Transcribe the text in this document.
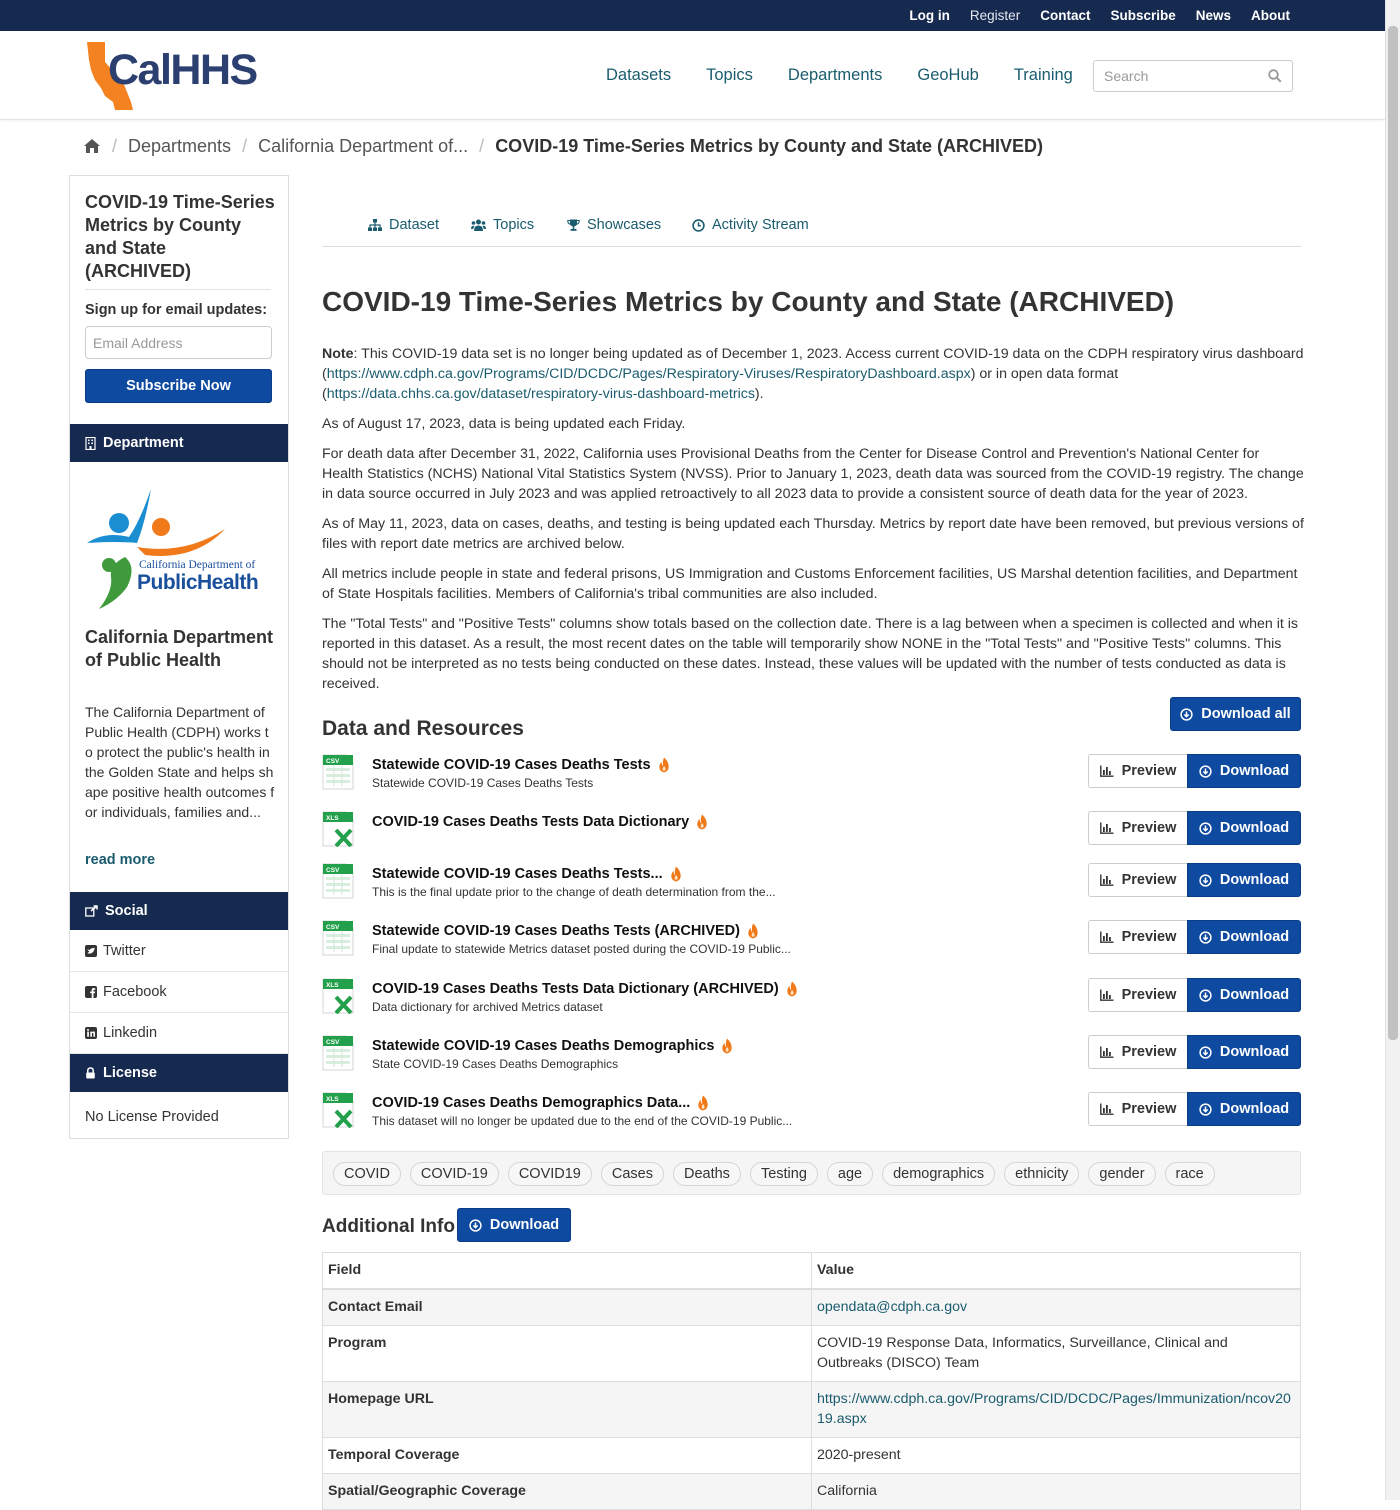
Log in Register Contact Subscribe News About
CalHHS	Datasets Topics Departments GeoHub Training
Search
/ Departments / California Department of... / COVID-19 Time-Series Metrics by County and State (ARCHIVED)
COVID-19 Time-Series Metrics by County and State (ARCHIVED)
Sign up for email updates:
Email Address
Subscribe Now
Department
California Department of
PublicHealth
California Department of Public Health
The California Department of Public Health (CDPH) works to protect the public's health in the Golden State and helps shape positive health outcomes for individuals, families and...
read more
Social
Twitter
Facebook
Linkedin
License
No License Provided
Dataset	Topics	Showcases	Activity Stream
COVID-19 Time-Series Metrics by County and State (ARCHIVED)

Note: This COVID-19 data set is no longer being updated as of December 1, 2023. Access current COVID-19 data on the CDPH respiratory virus dashboard (https://www.cdph.ca.gov/Programs/CID/DCDC/Pages/Respiratory-Viruses/RespiratoryDashboard.aspx) or in open data format (https://data.chhs.ca.gov/dataset/respiratory-virus-dashboard-metrics).

As of August 17, 2023, data is being updated each Friday.

For death data after December 31, 2022, California uses Provisional Deaths from the Center for Disease Control and Prevention's National Center for Health Statistics (NCHS) National Vital Statistics System (NVSS). Prior to January 1, 2023, death data was sourced from the COVID-19 registry. The change in data source occurred in July 2023 and was applied retroactively to all 2023 data to provide a consistent source of death data for the year of 2023.

As of May 11, 2023, data on cases, deaths, and testing is being updated each Thursday. Metrics by report date have been removed, but previous versions of files with report date metrics are archived below.

All metrics include people in state and federal prisons, US Immigration and Customs Enforcement facilities, US Marshal detention facilities, and Department of State Hospitals facilities. Members of California's tribal communities are also included.

The "Total Tests" and "Positive Tests" columns show totals based on the collection date. There is a lag between when a specimen is collected and when it is reported in this dataset. As a result, the most recent dates on the table will temporarily show NONE in the "Total Tests" and "Positive Tests" columns. This should not be interpreted as no tests being conducted on these dates. Instead, these values will be updated with the number of tests conducted as data is received.

Data and Resources
Download all
CSV Statewide COVID-19 Cases Deaths Tests
Statewide COVID-19 Cases Deaths Tests
Preview	Download
XLS COVID-19 Cases Deaths Tests Data Dictionary	Preview	Download
CSV Statewide COVID-19 Cases Deaths Tests...
This is the final update prior to the change of death determination from the...
Preview	Download
CSV Statewide COVID-19 Cases Deaths Tests (ARCHIVED)
Final update to statewide Metrics dataset posted during the COVID-19 Public...
Preview	Download
XLS COVID-19 Cases Deaths Tests Data Dictionary (ARCHIVED)
Data dictionary for archived Metrics dataset
Preview	Download
CSV Statewide COVID-19 Cases Deaths Demographics
State COVID-19 Cases Deaths Demographics
Preview	Download
XLS COVID-19 Cases Deaths Demographics Data...
This dataset will no longer be updated due to the end of the COVID-19 Public...
Preview	Download
COVID	COVID-19	COVID19	Cases	Deaths	Testing	age	demographics	ethnicity	gender	race
Additional Info Download
Field	Value
Contact Email	opendata@cdph.ca.gov
Program	COVID-19 Response Data, Informatics, Surveillance, Clinical and Outbreaks (DISCO) Team
Homepage URL	https://www.cdph.ca.gov/Programs/CID/DCDC/Pages/Immunization/ncov2019.aspx
Temporal Coverage	2020-present
Spatial/Geographic Coverage	California
